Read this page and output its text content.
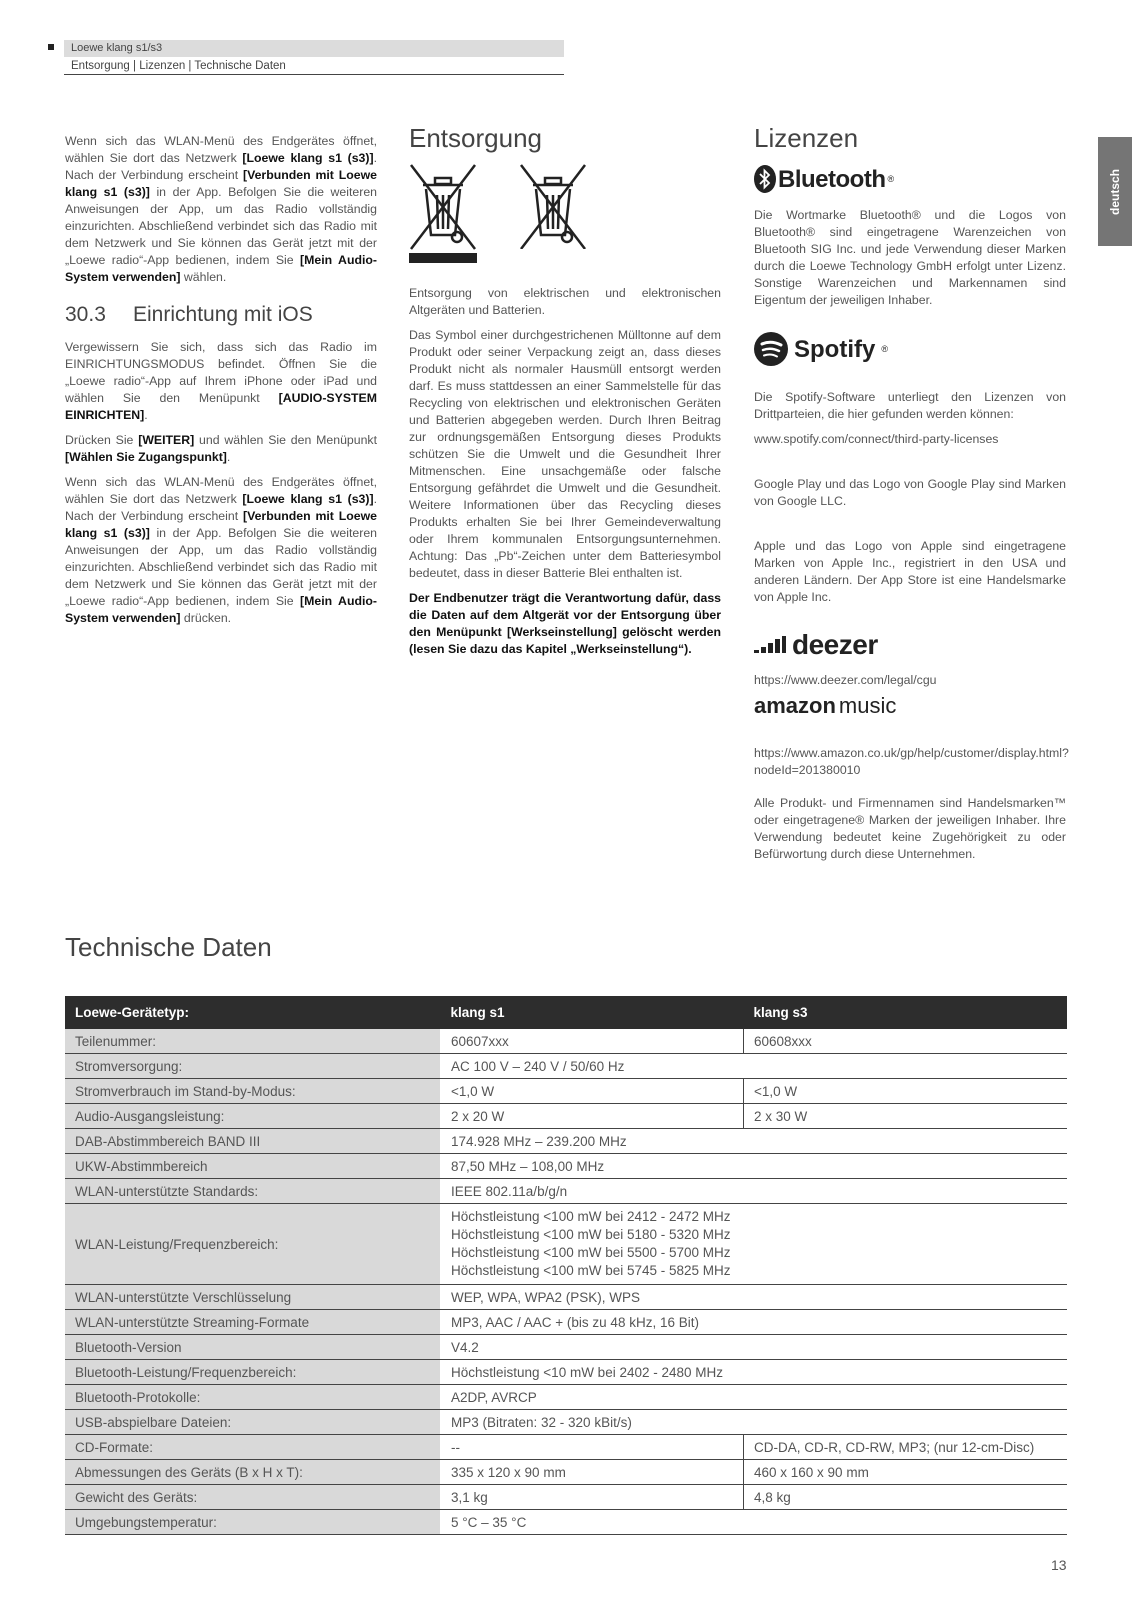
Loewe klang s1/s3
Entsorgung | Lizenzen | Technische Daten
deutsch

Wenn sich das WLAN-Menü des Endgerätes öffnet, wählen Sie dort das Netzwerk [Loewe klang s1 (s3)]. Nach der Verbindung erscheint [Verbunden mit Loewe klang s1 (s3)] in der App. Befolgen Sie die weiteren Anweisungen der App, um das Radio vollständig einzurichten. Abschließend verbindet sich das Radio mit dem Netzwerk und Sie können das Gerät jetzt mit der „Loewe radio“-App bedienen, indem Sie [Mein Audio-System verwenden] wählen.

30.3 Einrichtung mit iOS

Vergewissern Sie sich, dass sich das Radio im EINRICHTUNGSMODUS befindet. Öffnen Sie die „Loewe radio“-App auf Ihrem iPhone oder iPad und wählen Sie den Menüpunkt [AUDIO-SYSTEM EINRICHTEN].

Drücken Sie [WEITER] und wählen Sie den Menüpunkt [Wählen Sie Zugangspunkt].

Wenn sich das WLAN-Menü des Endgerätes öffnet, wählen Sie dort das Netzwerk [Loewe klang s1 (s3)]. Nach der Verbindung erscheint [Verbunden mit Loewe klang s1 (s3)] in der App. Befolgen Sie die weiteren Anweisungen der App, um das Radio vollständig einzurichten. Abschließend verbindet sich das Radio mit dem Netzwerk und Sie können das Gerät jetzt mit der „Loewe radio“-App bedienen, indem Sie [Mein Audio-System verwenden] drücken.

Entsorgung

Entsorgung von elektrischen und elektronischen Altgeräten und Batterien.

Das Symbol einer durchgestrichenen Mülltonne auf dem Produkt oder seiner Verpackung zeigt an, dass dieses Produkt nicht als normaler Hausmüll entsorgt werden darf. Es muss stattdessen an einer Sammelstelle für das Recycling von elektrischen und elektronischen Geräten und Batterien abgegeben werden. Durch Ihren Beitrag zur ordnungsgemäßen Entsorgung dieses Produkts schützen Sie die Umwelt und die Gesundheit Ihrer Mitmenschen. Eine unsachgemäße oder falsche Entsorgung gefährdet die Umwelt und die Gesundheit. Weitere Informationen über das Recycling dieses Produkts erhalten Sie bei Ihrer Gemeindeverwaltung oder Ihrem kommunalen Entsorgungsunternehmen. Achtung: Das „Pb“-Zeichen unter dem Batteriesymbol bedeutet, dass in dieser Batterie Blei enthalten ist.

Der Endbenutzer trägt die Verantwortung dafür, dass die Daten auf dem Altgerät vor der Entsorgung über den Menüpunkt [Werkseinstellung] gelöscht werden (lesen Sie dazu das Kapitel „Werkseinstellung“).

Lizenzen
Bluetooth ®

Die Wortmarke Bluetooth® und die Logos von Bluetooth® sind eingetragene Warenzeichen von Bluetooth SIG Inc. und jede Verwendung dieser Marken durch die Loewe Technology GmbH erfolgt unter Lizenz. Sonstige Warenzeichen und Markennamen sind Eigentum der jeweiligen Inhaber.

Spotify ®

Die Spotify-Software unterliegt den Lizenzen von Drittparteien, die hier gefunden werden können:

www.spotify.com/connect/third-party-licenses

Google Play und das Logo von Google Play sind Marken von Google LLC.

Apple und das Logo von Apple sind eingetragene Marken von Apple Inc., registriert in den USA und anderen Ländern. Der App Store ist eine Handelsmarke von Apple Inc.

deezer

https://www.deezer.com/legal/cgu

amazon music

https://www.amazon.co.uk/gp/help/customer/display.html?nodeId=201380010

Alle Produkt- und Firmennamen sind Handelsmarken™ oder eingetragene® Marken der jeweiligen Inhaber. Ihre Verwendung bedeutet keine Zugehörigkeit zu oder Befürwortung durch diese Unternehmen.

Technische Daten
Loewe-Gerätetyp:	klang s1	klang s3
Teilenummer:	60607xxx	60608xxx
Stromversorgung:	AC 100 V – 240 V / 50/60 Hz	
Stromverbrauch im Stand-by-Modus:	<1,0 W	<1,0 W
Audio-Ausgangsleistung:	2 x 20 W	2 x 30 W
DAB-Abstimmbereich BAND III	174.928 MHz – 239.200 MHz	
UKW-Abstimmbereich	87,50 MHz – 108,00 MHz	
WLAN-unterstützte Standards:	IEEE 802.11a/b/g/n	
WLAN-Leistung/Frequenzbereich:	Höchstleistung <100 mW bei 2412 - 2472 MHz
Höchstleistung <100 mW bei 5180 - 5320 MHz
Höchstleistung <100 mW bei 5500 - 5700 MHz
Höchstleistung <100 mW bei 5745 - 5825 MHz	

WLAN-unterstützte Verschlüsselung	WEP, WPA, WPA2 (PSK), WPS	
WLAN-unterstützte Streaming-Formate	MP3, AAC / AAC + (bis zu 48 kHz, 16 Bit)	
Bluetooth-Version	V4.2	
Bluetooth-Leistung/Frequenzbereich:	Höchstleistung <10 mW bei 2402 - 2480 MHz	
Bluetooth-Protokolle:	A2DP, AVRCP	
USB-abspielbare Dateien:	MP3 (Bitraten: 32 - 320 kBit/s)	
CD-Formate:	--	CD-DA, CD-R, CD-RW, MP3; (nur 12-cm-Disc)
Abmessungen des Geräts (B x H x T):	335 x 120 x 90 mm	460 x 160 x 90 mm
Gewicht des Geräts:	3,1 kg	4,8 kg
Umgebungstemperatur:	5 °C – 35 °C	
13
